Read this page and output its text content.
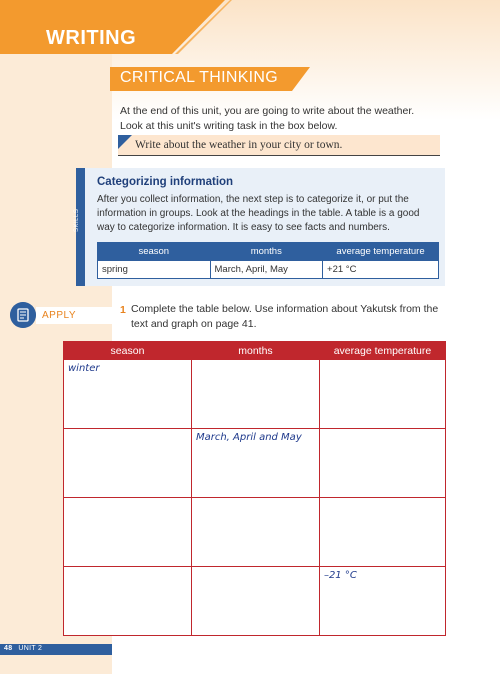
WRITING
CRITICAL THINKING
At the end of this unit, you are going to write about the weather. Look at this unit's writing task in the box below.
Write about the weather in your city or town.
SKILLS
Categorizing information
After you collect information, the next step is to categorize it, or put the information in groups. Look at the headings in the table. A table is a good way to categorize information. It is easy to see facts and numbers.
season	months	average temperature
spring	March, April, May	+21 °C
APPLY	1 Complete the table below. Use information about Yakutsk from the text and graph on page 41.
season	months	average temperature
winter		
	March, April and May	

		–21 °C
48 UNIT 2
